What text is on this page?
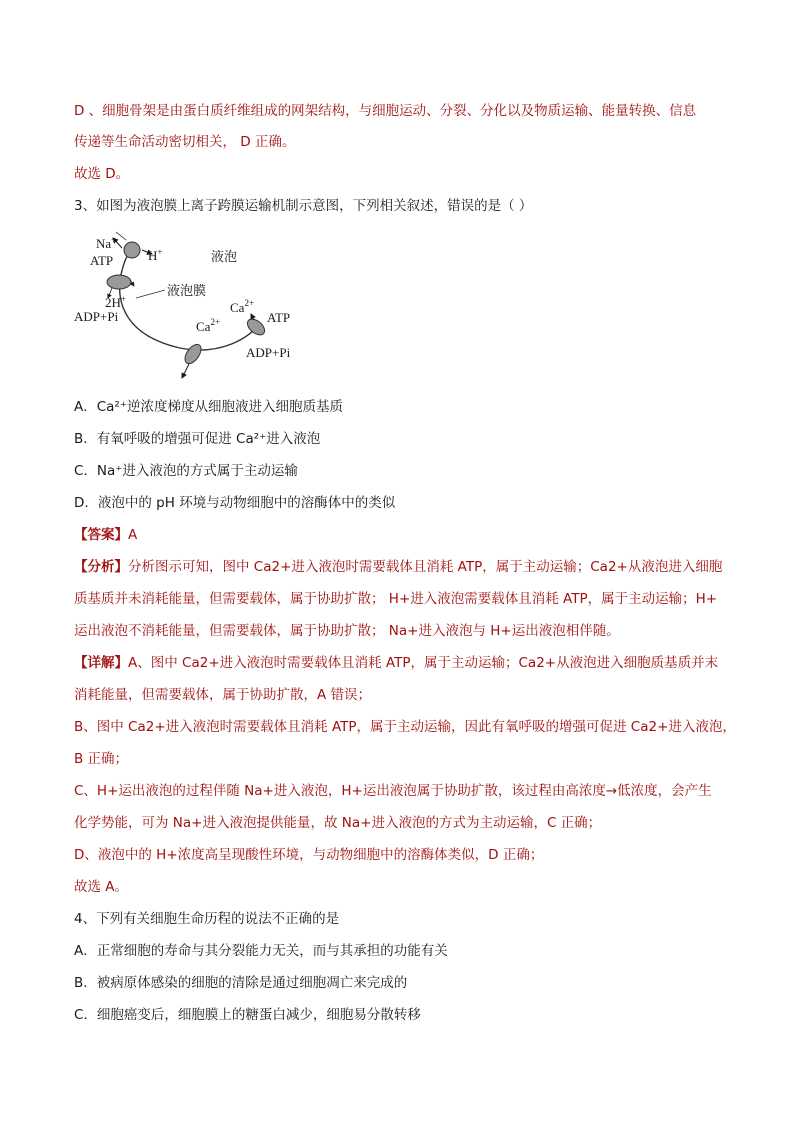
D 、细胞骨架是由蛋白质纤维组成的网架结构，与细胞运动、分裂、分化以及物质运输、能量转换、信息
传递等生命活动密切相关， D 正确。
故选 D。
3、如图为液泡膜上离子跨膜运输机制示意图，下列相关叙述，错误的是（ ）
Na+
H+
ATP	液泡
2H+
ADP+Pi
液泡膜
$Ca^{2+}$
ATP
$Ca^{2+}$
ADP+Pi
A．Ca²⁺逆浓度梯度从细胞液进入细胞质基质
B．有氧呼吸的增强可促进 Ca²⁺进入液泡
C．Na⁺进入液泡的方式属于主动运输
D．液泡中的 pH 环境与动物细胞中的溶酶体中的类似
【答案】A
【分析】分析图示可知，图中 Ca2+进入液泡时需要载体且消耗 ATP，属于主动运输；Ca2+从液泡进入细胞
质基质并未消耗能量，但需要载体，属于协助扩散； H+进入液泡需要载体且消耗 ATP，属于主动运输；H+
运出液泡不消耗能量，但需要载体，属于协助扩散； Na+进入液泡与 H+运出液泡相伴随。
【详解】A、图中 Ca2+进入液泡时需要载体且消耗 ATP，属于主动运输；Ca2+从液泡进入细胞质基质并末
消耗能量，但需要载体，属于协助扩散，A 错误；
B、图中 Ca2+进入液泡时需要载体且消耗 ATP，属于主动运输，因此有氧呼吸的增强可促进 Ca2+进入液泡，
B 正确；
C、H+运出液泡的过程伴随 Na+进入液泡，H+运出液泡属于协助扩散，该过程由高浓度→低浓度，会产生
化学势能，可为 Na+进入液泡提供能量，故 Na+进入液泡的方式为主动运输，C 正确；
D、液泡中的 H+浓度高呈现酸性环境，与动物细胞中的溶酶体类似，D 正确；
故选 A。
4、下列有关细胞生命历程的说法不正确的是
A．正常细胞的寿命与其分裂能力无关，而与其承担的功能有关
B．被病原体感染的细胞的清除是通过细胞凋亡来完成的
C．细胞癌变后，细胞膜上的糖蛋白减少，细胞易分散转移
